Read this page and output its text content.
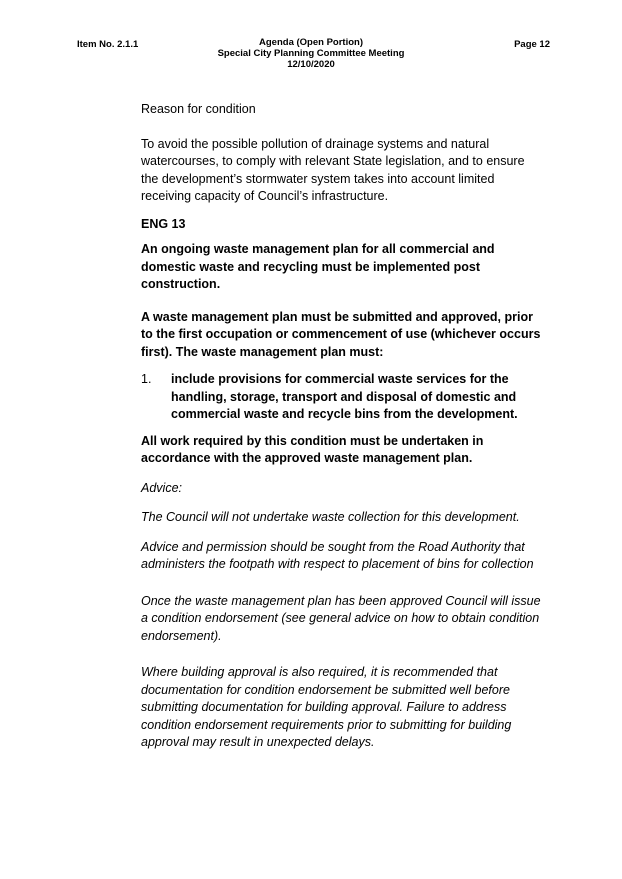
Item No. 2.1.1	Agenda (Open Portion)
Special City Planning Committee Meeting
12/10/2020
Page 12

Reason for condition

To avoid the possible pollution of drainage systems and natural watercourses, to comply with relevant State legislation, and to ensure the development’s stormwater system takes into account limited receiving capacity of Council’s infrastructure.

ENG 13

An ongoing waste management plan for all commercial and domestic waste and recycling must be implemented post construction.

A waste management plan must be submitted and approved, prior to the first occupation or commencement of use (whichever occurs first). The waste management plan must:

1.	include provisions for commercial waste services for the handling, storage, transport and disposal of domestic and commercial waste and recycle bins from the development.

All work required by this condition must be undertaken in accordance with the approved waste management plan.

Advice:

The Council will not undertake waste collection for this development.

Advice and permission should be sought from the Road Authority that administers the footpath with respect to placement of bins for collection

Once the waste management plan has been approved Council will issue a condition endorsement (see general advice on how to obtain condition endorsement).

Where building approval is also required, it is recommended that documentation for condition endorsement be submitted well before submitting documentation for building approval. Failure to address condition endorsement requirements prior to submitting for building approval may result in unexpected delays.
